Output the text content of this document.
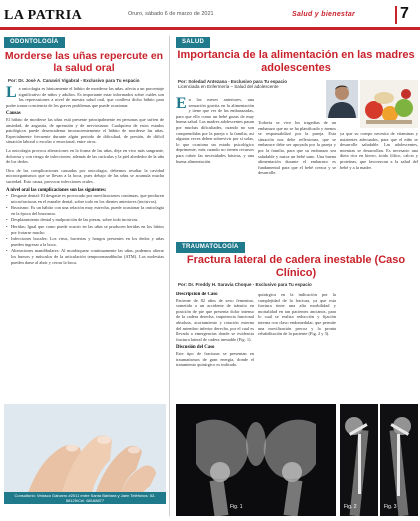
LA PATRIA	Oruro, sábado 6 de marzo de 2021	Salud y bienestar	7
ODONTOLOGÍA
Morderse las uñas repercute en la salud oral
Por: Dr. José A. Canaviri Vigabral - Exclusivo para Tu espacio

La onicofagia es básicamente el hábito de morderse las uñas, afecta a un porcentaje significativo de niños y adultos. Es importante estar informados sobre cuáles son las repercusiones a nivel de nuestra salud oral, que conlleva dicho hábito para poder tomar conciencia de los graves problemas que puede ocasionar.

Causas

El hábito de morderse las uñas está presente principalmente en personas que sufren de ansiedad, de angustia, de aprensión y de nerviosismo. Cualquiera de estos estados patológicos puede desencadenar inconscientemente el hábito de morderse las uñas. Especialmente frecuente durante algún periodo de dificultad, de presión, de difícil situación laboral o escolar o emocional, entre otros.

La onicofagia provoca alteraciones en la forma de las uñas, deja en vivo más sangrante, dolorosa y con riesgo de infecciones; además de las cutículas y la piel alrededor de la uña de los dedos.

Otra de las complicaciones causadas por onicofagia, debemos resaltar la cavidad microorganismos que se llevan a la boca, pues debajo de las uñas se acumula mucha suciedad. Esto causa, provocar infecciones orales.

A nivel oral las complicaciones son las siguientes:
• Desgaste dental: El desgaste es provocado por movilizaciones continuas, que producen microfracturas en el esmalte dental, sobre todo en los dientes anteriores (incisivos).
• Bruxismo: Es un hábito con una relación muy estrecha, puede ocasionar la onicofagia en la época del bruxismo.
• Desplazamiento dental y malposición de las piezas, sobre todo incisivas.
• Heridas: Igual que como puede ocurrir en las uñas se producen heridas en los labios por frotarse mucho.
• Infecciones bucales: Los virus, bacterias y hongos presentes en los dedos y uñas pueden ingresar a la boca.
• Alteraciones mandibulares: Al mordisquear continuamente las uñas, podemos alterar los huesos y músculos de la articulación temporomandibular (ATM). Los molestias pueden darse al abrir y cerrar la boca.
Consultorio: Velasco Galvarro #2011 entre Santa Bárbara y Jaén Teléfonos: 52-56125/Cel. 68168877
SALUD
Importancia de la alimentación en las madres adolescentes
Por: Soledad Antezana - Exclusivo para Tu espacio
Licenciada en Enfermería – Salud del adolescente

En los meses anteriores, una sensación gravita en la alimentación y tiene que ver de las embarazadas, para que ello como un bebé gozas de muy buena salud. Las madres adolescentes pasan por muchas dificultades, cuando no son comprendidas por la pareja o la familia, así algunas veces deben sobrevivir por sí solas, lo que ocasiona un estado psicológico deprimente, más cuando no tienen recursos para cubrir las necesidades básicas, y una buena alimentación.

Todavía se vive los tragedias de un embarazo que no se ha planificado y menos se responsabilizó por la pareja. Esta situación nos debe reflexionar, que se embarace debe ser apoyada por la pareja y por la familia, para que su embarazo sea saludable y nazca un bebé sano. Una buena alimentación durante el embarazo es fundamental para que el bebé crezca y se desarrolle.

ya que su cuerpo necesita de vitaminas y nutrientes adecuados, para que el niño se desarrolle saludable. Las adolescentes, mientras se desarrollan. Es necesario una dieta rica en hierro, ácido fólico, calcio y proteínas, que favorezcan a la salud del bebé y a la madre.

TRAUMATOLOGÍA
Fractura lateral de cadera inestable (Caso Clínico)
Por: Dr. Freddy H. Saravia Choque - Exclusivo para Tu espacio
Descripción de Caso

Paciente de 82 años de sexo femenino, sometida a un accidente de tránsito en posición de pie que presenta dolor intenso de la cadera derecha, impotencia funcional absoluta, acortamiento y rotación externa del miembro inferior derecho, por el cual es llevada a emergencias donde se evidencia fractura lateral de cadera inestable (Fig. 1).

Discusión del Caso

Este tipo de fracturas se presentan en traumatismos de gran energía, donde el tratamiento quirúrgico es indicado.

quirúrgica en la indicación por la complejidad de la fractura, ya que esta fractura tiene una alta morbilidad y mortalidad en tan pacientes ancianos, para lo cual se realiza reducción y fijación interna con clavo endomedular, que permite una movilización precoz y la pronta rehabilitación de la paciente (Fig. 2 y 3).

Fig. 1	Fig. 2	Fig. 3
